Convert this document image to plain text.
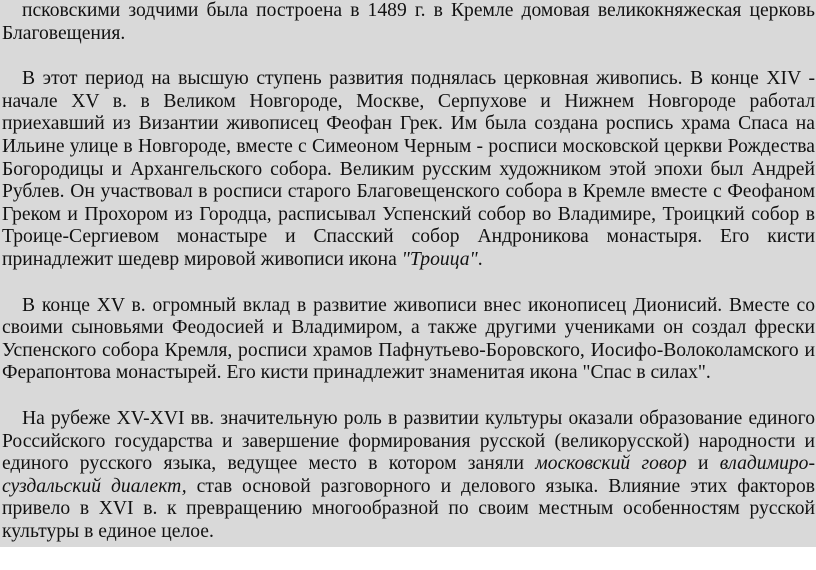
псковскими зодчими была построена в 1489 г. в Кремле домовая великокняжеская церковь Благовещения.

В этот период на высшую ступень развития поднялась церковная живопись. В конце XIV - начале XV в. в Великом Новгороде, Москве, Серпухове и Нижнем Новгороде работал приехавший из Византии живописец Феофан Грек. Им была создана роспись храма Спаса на Ильине улице в Новгороде, вместе с Симеоном Черным - росписи московской церкви Рождества Богородицы и Архангельского собора. Великим русским художником этой эпохи был Андрей Рублев. Он участвовал в росписи старого Благовещенского собора в Кремле вместе с Феофаном Греком и Прохором из Городца, расписывал Успенский собор во Владимире, Троицкий собор в Троице-Сергиевом монастыре и Спасский собор Андроникова монастыря. Его кисти принадлежит шедевр мировой живописи икона "Троица".

В конце XV в. огромный вклад в развитие живописи внес иконописец Дионисий. Вместе со своими сыновьями Феодосией и Владимиром, а также другими учениками он создал фрески Успенского собора Кремля, росписи храмов Пафнутьево-Боровского, Иосифо-Волоколамского и Ферапонтова монастырей. Его кисти принадлежит знаменитая икона "Спас в силах".

На рубеже XV-XVI вв. значительную роль в развитии культуры оказали образование единого Российского государства и завершение формирования русской (великорусской) народности и единого русского языка, ведущее место в котором заняли московский говор и владимиро-суздальский диалект, став основой разговорного и делового языка. Влияние этих факторов привело в XVI в. к превращению многообразной по своим местным особенностям русской культуры в единое целое.
